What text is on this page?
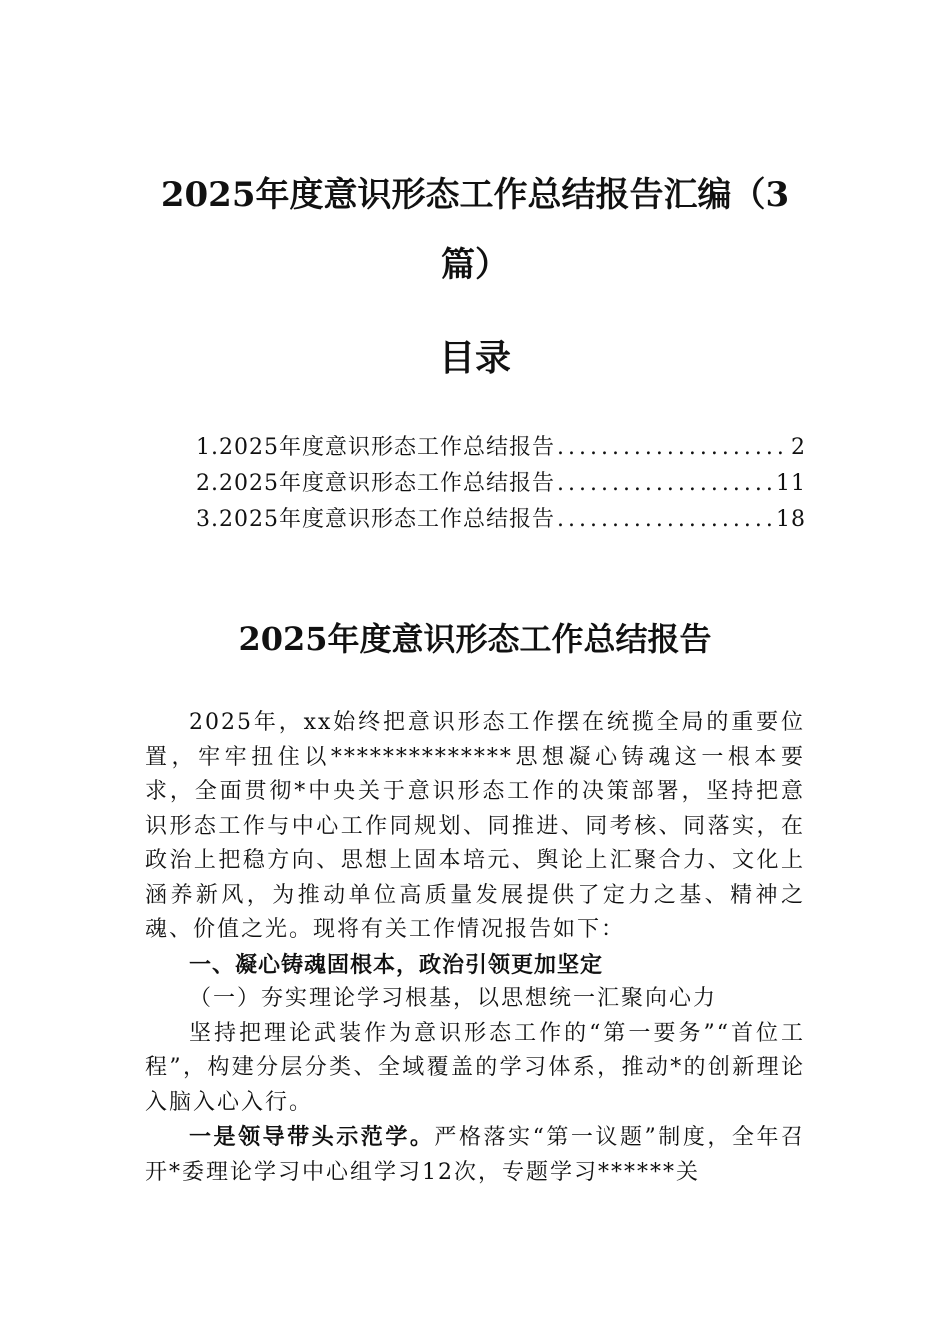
2025年度意识形态工作总结报告汇编（3篇）
目录
1.2025年度意识形态工作总结报告 .....	2
2.2025年度意识形态工作总结报告 .....	11
3.2025年度意识形态工作总结报告 .....	18
2025年度意识形态工作总结报告

2025年，xx始终把意识形态工作摆在统揽全局的重要位置，牢牢扭住以**************思想凝心铸魂这一根本要求，全面贯彻*中央关于意识形态工作的决策部署，坚持把意识形态工作与中心工作同规划、同推进、同考核、同落实，在政治上把稳方向、思想上固本培元、舆论上汇聚合力、文化上涵养新风，为推动单位高质量发展提供了定力之基、精神之魂、价值之光。现将有关工作情况报告如下：

一、凝心铸魂固根本，政治引领更加坚定

（一）夯实理论学习根基，以思想统一汇聚向心力

坚持把理论武装作为意识形态工作的“第一要务”“首位工程”，构建分层分类、全域覆盖的学习体系，推动*的创新理论入脑入心入行。

一是领导带头示范学。严格落实“第一议题”制度，全年召开*委理论学习中心组学习12次，专题学习******关
